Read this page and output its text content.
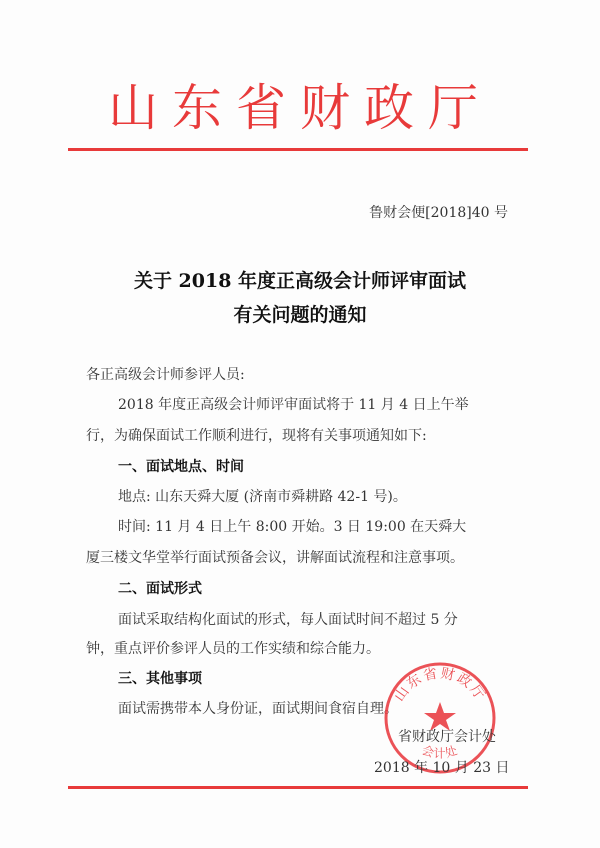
山东省财政厅
鲁财会便[2018]40 号
关于 2018 年度正高级会计师评审面试
有关问题的通知
各正高级会计师参评人员:
2018 年度正高级会计师评审面试将于 11 月 4 日上午举
行，为确保面试工作顺利进行，现将有关事项通知如下:
一、面试地点、时间
地点: 山东天舜大厦 (济南市舜耕路 42-1 号)。
时间: 11 月 4 日上午 8:00 开始。3 日 19:00 在天舜大
厦三楼文华堂举行面试预备会议，讲解面试流程和注意事项。
二、面试形式
面试采取结构化面试的形式，每人面试时间不超过 5 分
钟，重点评价参评人员的工作实绩和综合能力。
三、其他事项
面试需携带本人身份证，面试期间食宿自理。
山东省财政厅
会计处
省财政厅会计处
2018 年 10 月 23 日
